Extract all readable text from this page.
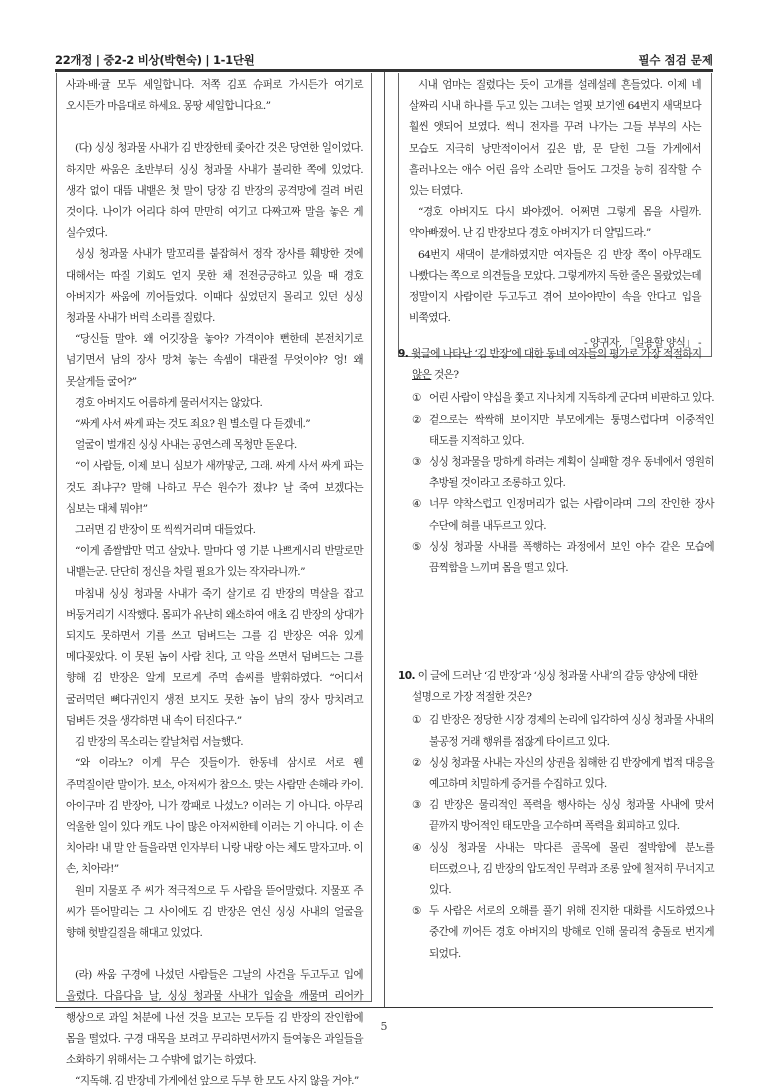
22개정 | 중2-2 비상(박현숙) | 1-1단원	필수 점검 문제

사과·배·귤 모두 세일합니다. 저쪽 김포 슈퍼로 가시든가 여기로 오시든가 마음대로 하세요. 몽땅 세일합니다요.”

(다) 싱싱 청과물 사내가 김 반장한테 좇아간 것은 당연한 일이었다. 하지만 싸움은 초반부터 싱싱 청과물 사내가 불리한 쪽에 있었다. 생각 없이 대뜸 내뱉은 첫 말이 당장 김 반장의 공격망에 걸려 버린 것이다. 나이가 어리다 하여 만만히 여기고 다짜고짜 말을 놓은 게 실수였다.

싱싱 청과물 사내가 말꼬리를 붙잡혀서 정작 장사를 훼방한 것에 대해서는 따질 기회도 얻지 못한 채 전전긍긍하고 있을 때 경호 아버지가 싸움에 끼어들었다. 이때다 싶었던지 몰리고 있던 싱싱 청과물 사내가 버럭 소리를 질렀다.

“당신들 말야. 왜 어깃장을 놓아? 가격이야 뻔한데 본전치기로 넘기면서 남의 장사 망쳐 놓는 속셈이 대관절 무엇이야? 엉! 왜 못살게들 굴어?”

경호 아버지도 어름하게 물러서지는 않았다.

“싸게 사서 싸게 파는 것도 죄요? 원 별소릴 다 듣겠네.”

얼굴이 벌개진 싱싱 사내는 공연스레 목청만 돋운다.

“이 사람들, 이제 보니 심보가 새까맣군, 그래. 싸게 사서 싸게 파는 것도 죄냐구? 말해 나하고 무슨 원수가 졌냐? 날 죽여 보겠다는 심보는 대체 뭐야!”

그러면 김 반장이 또 씩씩거리며 대들었다.

“이게 좀쌀밥만 먹고 살았나. 말마다 영 기분 나쁘게시리 반말로만 내뱉는군. 단단히 정신을 차릴 필요가 있는 작자라니까.”

마침내 싱싱 청과물 사내가 죽기 살기로 김 반장의 멱살을 잡고 버둥거리기 시작했다. 몸피가 유난히 왜소하여 애초 김 반장의 상대가 되지도 못하면서 기를 쓰고 덤벼드는 그를 김 반장은 여유 있게 메다꽂았다. 이 못된 놈이 사람 친다, 고 악을 쓰면서 덤벼드는 그를 향해 김 반장은 알게 모르게 주먹 솜씨를 발휘하였다. “어디서 굴러먹던 뼈다귀인지 생전 보지도 못한 놈이 남의 장사 망치려고 덤벼든 것을 생각하면 내 속이 터진다구.”

김 반장의 목소리는 칼날처럼 서늘했다.

“와 이라노? 이게 무슨 짓들이가. 한동네 삼시로 서로 웬 주먹질이란 말이가. 보소, 아저씨가 참으소. 맞는 사람만 손해라 카이. 아이구마 김 반장아, 니가 깡패로 나섰노? 이러는 기 아니다. 아무리 억울한 일이 있다 캐도 나이 많은 아저씨한테 이러는 기 아니다. 이 손 치아라! 내 말 안 들을라면 인자부터 니랑 내랑 아는 체도 말자고마. 이 손, 치아라!”

원미 지물포 주 씨가 적극적으로 두 사람을 뜯어말렸다. 지물포 주 씨가 뜯어말리는 그 사이에도 김 반장은 연신 싱싱 사내의 얼굴을 향해 헛발길질을 해대고 있었다.

(라) 싸움 구경에 나섰던 사람들은 그날의 사건을 두고두고 입에 올렸다. 다음다음 날, 싱싱 청과물 사내가 입술을 깨물며 리어카 행상으로 과일 처분에 나선 것을 보고는 모두들 김 반장의 잔인함에 몸을 떨었다. 구경 대목을 보려고 무리하면서까지 들여놓은 과일들을 소화하기 위해서는 그 수밖에 없기는 하였다.

“지독해. 김 반장네 가게에선 앞으로 두부 한 모도 사지 않을 거야.”

시내 엄마는 질렸다는 듯이 고개를 설레설레 흔들었다. 이제 네 살짜리 시내 하나를 두고 있는 그녀는 얼핏 보기엔 64번지 새댁보다 훨씬 앳되어 보였다. 썩니 전자를 꾸려 나가는 그들 부부의 사는 모습도 지극히 낭만적이어서 깊은 밤, 문 닫힌 그들 가게에서 흘러나오는 애수 어린 음악 소리만 들어도 그것을 능히 짐작할 수 있는 터였다.

“경호 아버지도 다시 봐야겠어. 어쩌면 그렇게 몸을 사릴까. 약아빠졌어. 난 김 반장보다 경호 아버지가 더 얄밉드라.”

64번지 새댁이 분개하였지만 여자들은 김 반장 쪽이 아무래도 나빴다는 쪽으로 의견들을 모았다. 그렇게까지 독한 줄은 몰랐었는데 정말이지 사람이란 두고두고 겪어 보아야만이 속을 안다고 입을 비쭉였다.

- 양귀자, 「일용할 양식」 -

9. 윗글에 나타난 ‘김 반장’에 대한 동네 여자들의 평가로 가장 적절하지 않은 것은?

① 어린 사람이 약십을 쫓고 지나치게 지독하게 군다며 비판하고 있다.
② 겉으로는 싹싹해 보이지만 부모에게는 퉁명스럽다며 이중적인 태도를 지적하고 있다.
③ 싱싱 청과물을 망하게 하려는 계획이 실패할 경우 동네에서 영원히 추방될 것이라고 조롱하고 있다.
④ 너무 약착스럽고 인정머리가 없는 사람이라며 그의 잔인한 장사 수단에 혀를 내두르고 있다.
⑤ 싱싱 청과물 사내를 폭행하는 과정에서 보인 야수 같은 모습에 끔찍함을 느끼며 몸을 떨고 있다.

10. 이 글에 드러난 ‘김 반장’과 ‘싱싱 청과물 사내’의 갈등 양상에 대한 설명으로 가장 적절한 것은?

① 김 반장은 정당한 시장 경제의 논리에 입각하여 싱싱 청과물 사내의 불공정 거래 행위를 점잖게 타이르고 있다.
② 싱싱 청과물 사내는 자신의 상권을 침해한 김 반장에게 법적 대응을 예고하며 치밀하게 증거를 수집하고 있다.
③ 김 반장은 물리적인 폭력을 행사하는 싱싱 청과물 사내에 맞서 끝까지 방어적인 태도만을 고수하며 폭력을 회피하고 있다.
④ 싱싱 청과물 사내는 막다른 골목에 몰린 절박함에 분노를 터뜨렸으나, 김 반장의 압도적인 무력과 조롱 앞에 철저히 무너지고 있다.
⑤ 두 사람은 서로의 오해를 풀기 위해 진지한 대화를 시도하였으나 중간에 끼어든 경호 아버지의 방해로 인해 물리적 충돌로 번지게 되었다.
5
